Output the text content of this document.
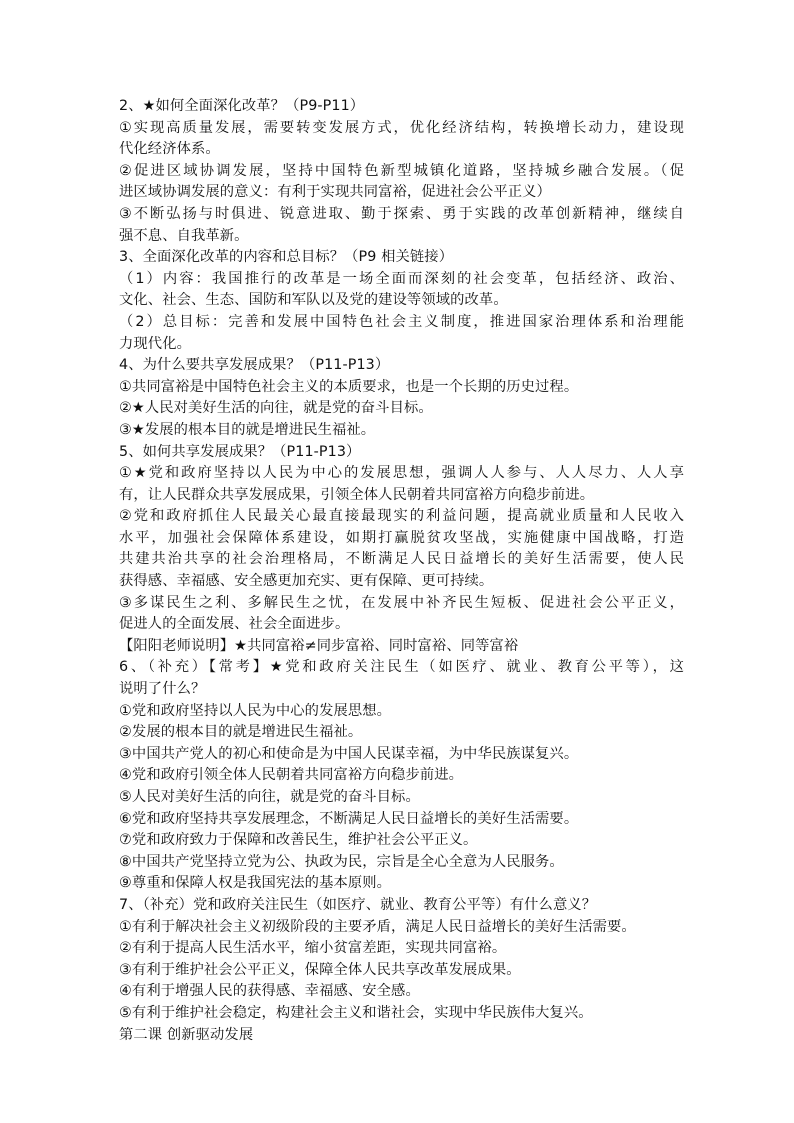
2、★如何全面深化改革？（P9-P11）
①实现高质量发展，需要转变发展方式，优化经济结构，转换增长动力，建设现
代化经济体系。
②促进区域协调发展，坚持中国特色新型城镇化道路，坚持城乡融合发展。（促
进区域协调发展的意义：有利于实现共同富裕，促进社会公平正义）
③不断弘扬与时俱进、锐意进取、勤于探索、勇于实践的改革创新精神，继续自
强不息、自我革新。
3、全面深化改革的内容和总目标？（P9 相关链接）
（1）内容：我国推行的改革是一场全面而深刻的社会变革，包括经济、政治、
文化、社会、生态、国防和军队以及党的建设等领域的改革。
（2）总目标：完善和发展中国特色社会主义制度，推进国家治理体系和治理能
力现代化。
4、为什么要共享发展成果？（P11-P13）
①共同富裕是中国特色社会主义的本质要求，也是一个长期的历史过程。
②★人民对美好生活的向往，就是党的奋斗目标。
③★发展的根本目的就是增进民生福祉。
5、如何共享发展成果？（P11-P13）
①★党和政府坚持以人民为中心的发展思想，强调人人参与、人人尽力、人人享
有，让人民群众共享发展成果，引领全体人民朝着共同富裕方向稳步前进。
②党和政府抓住人民最关心最直接最现实的利益问题，提高就业质量和人民收入
水平，加强社会保障体系建设，如期打赢脱贫攻坚战，实施健康中国战略，打造
共建共治共享的社会治理格局，不断满足人民日益增长的美好生活需要，使人民
获得感、幸福感、安全感更加充实、更有保障、更可持续。
③多谋民生之利、多解民生之忧，在发展中补齐民生短板、促进社会公平正义，
促进人的全面发展、社会全面进步。
【阳阳老师说明】★共同富裕≠同步富裕、同时富裕、同等富裕
6、（补充）【常考】★党和政府关注民生（如医疗、就业、教育公平等），这
说明了什么？
①党和政府坚持以人民为中心的发展思想。
②发展的根本目的就是增进民生福祉。
③中国共产党人的初心和使命是为中国人民谋幸福，为中华民族谋复兴。
④党和政府引领全体人民朝着共同富裕方向稳步前进。
⑤人民对美好生活的向往，就是党的奋斗目标。
⑥党和政府坚持共享发展理念，不断满足人民日益增长的美好生活需要。
⑦党和政府致力于保障和改善民生，维护社会公平正义。
⑧中国共产党坚持立党为公、执政为民，宗旨是全心全意为人民服务。
⑨尊重和保障人权是我国宪法的基本原则。
7、（补充）党和政府关注民生（如医疗、就业、教育公平等）有什么意义？
①有利于解决社会主义初级阶段的主要矛盾，满足人民日益增长的美好生活需要。
②有利于提高人民生活水平，缩小贫富差距，实现共同富裕。
③有利于维护社会公平正义，保障全体人民共享改革发展成果。
④有利于增强人民的获得感、幸福感、安全感。
⑤有利于维护社会稳定，构建社会主义和谐社会，实现中华民族伟大复兴。
第二课 创新驱动发展
